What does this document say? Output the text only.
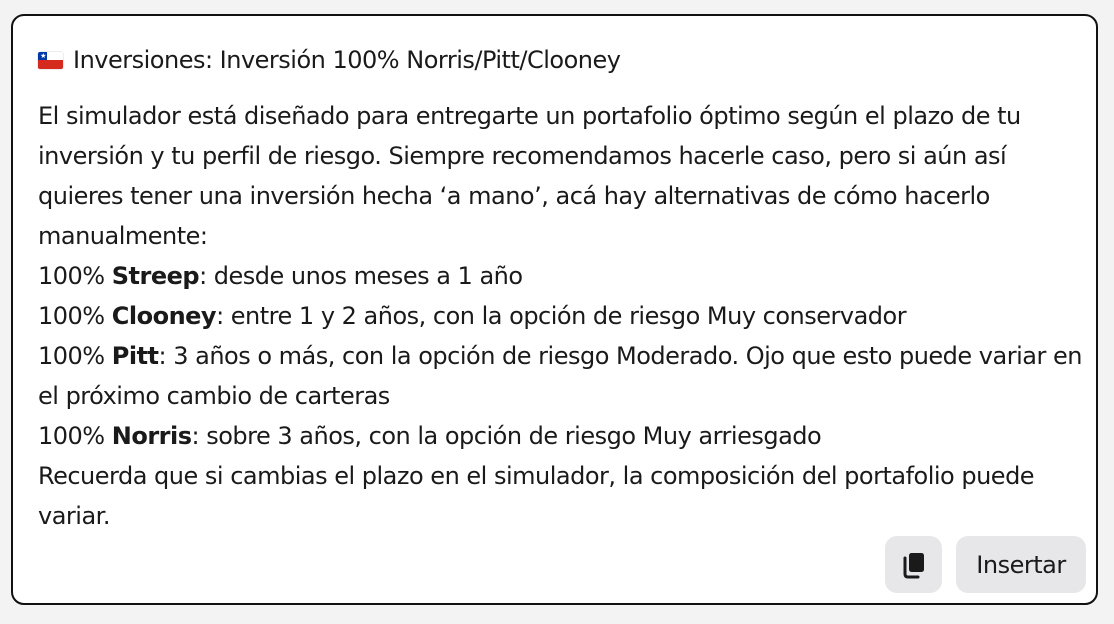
★ Inversiones: Inversión 100% Norris/Pitt/Clooney

El simulador está diseñado para entregarte un portafolio óptimo según el plazo de tu inversión y tu perfil de riesgo. Siempre recomendamos hacerle caso, pero si aún así quieres tener una inversión hecha ‘a mano’, acá hay alternativas de cómo hacerlo manualmente:

100% Streep: desde unos meses a 1 año

100% Clooney: entre 1 y 2 años, con la opción de riesgo Muy conservador

100% Pitt: 3 años o más, con la opción de riesgo Moderado. Ojo que esto puede variar en el próximo cambio de carteras

100% Norris: sobre 3 años, con la opción de riesgo Muy arriesgado

Recuerda que si cambias el plazo en el simulador, la composición del portafolio puede variar.

Insertar
